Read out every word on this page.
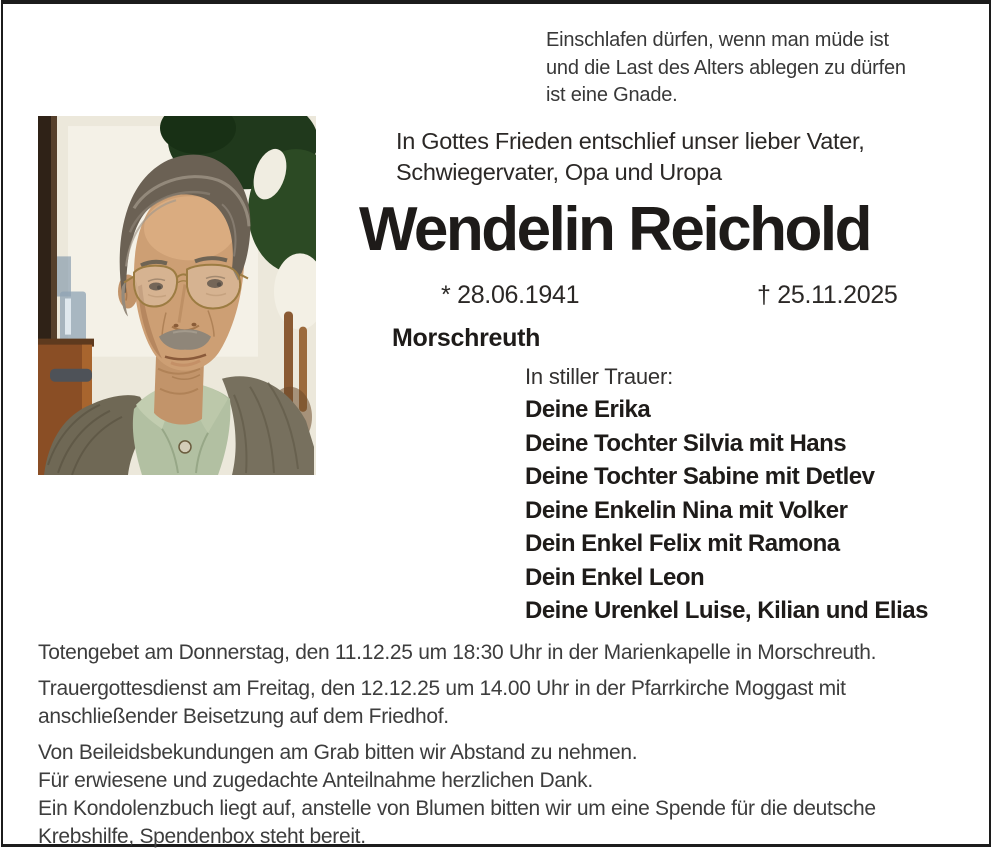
Einschlafen dürfen, wenn man müde ist
und die Last des Alters ablegen zu dürfen
ist eine Gnade.
In Gottes Frieden entschlief unser lieber Vater,
Schwiegervater, Opa und Uropa
Wendelin Reichold
* 28.06.1941	† 25.11.2025
Morschreuth
In stiller Trauer:
Deine Erika
Deine Tochter Silvia mit Hans
Deine Tochter Sabine mit Detlev
Deine Enkelin Nina mit Volker
Dein Enkel Felix mit Ramona
Dein Enkel Leon
Deine Urenkel Luise, Kilian und Elias

Totengebet am Donnerstag, den 11.12.25 um 18:30 Uhr in der Marienkapelle in Morschreuth.

Trauergottesdienst am Freitag, den 12.12.25 um 14.00 Uhr in der Pfarrkirche Moggast mit anschließender Beisetzung auf dem Friedhof.

Von Beileidsbekundungen am Grab bitten wir Abstand zu nehmen.

Für erwiesene und zugedachte Anteilnahme herzlichen Dank.

Ein Kondolenzbuch liegt auf, anstelle von Blumen bitten wir um eine Spende für die deutsche Krebshilfe, Spendenbox steht bereit.
